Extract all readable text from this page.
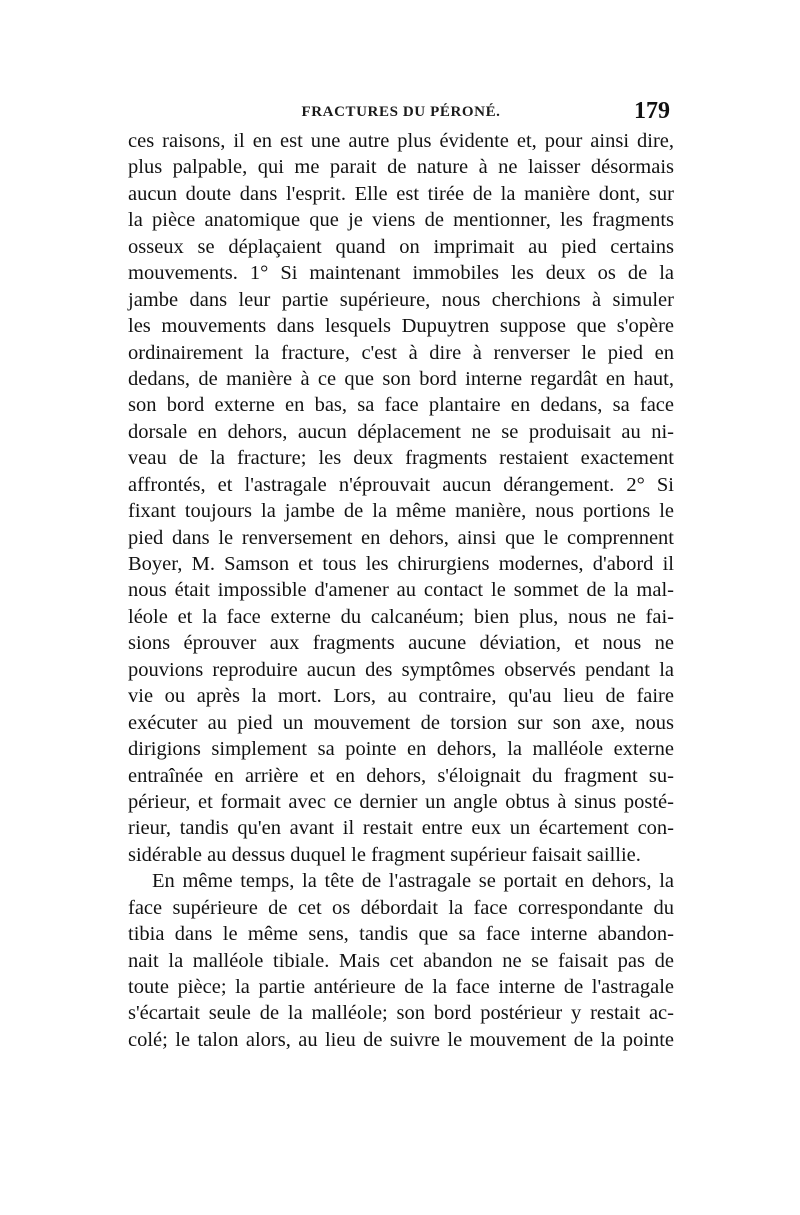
FRACTURES DU PÉRONÉ.	179
ces raisons, il en est une autre plus évidente et, pour ainsi dire,
plus palpable, qui me parait de nature à ne laisser désormais
aucun doute dans l'esprit. Elle est tirée de la manière dont, sur
la pièce anatomique que je viens de mentionner, les fragments
osseux se déplaçaient quand on imprimait au pied certains
mouvements. 1° Si maintenant immobiles les deux os de la
jambe dans leur partie supérieure, nous cherchions à simuler
les mouvements dans lesquels Dupuytren suppose que s'opère
ordinairement la fracture, c'est à dire à renverser le pied en
dedans, de manière à ce que son bord interne regardât en haut,
son bord externe en bas, sa face plantaire en dedans, sa face
dorsale en dehors, aucun déplacement ne se produisait au ni-
veau de la fracture; les deux fragments restaient exactement
affrontés, et l'astragale n'éprouvait aucun dérangement. 2° Si
fixant toujours la jambe de la même manière, nous portions le
pied dans le renversement en dehors, ainsi que le comprennent
Boyer, M. Samson et tous les chirurgiens modernes, d'abord il
nous était impossible d'amener au contact le sommet de la mal-
léole et la face externe du calcanéum; bien plus, nous ne fai-
sions éprouver aux fragments aucune déviation, et nous ne
pouvions reproduire aucun des symptômes observés pendant la
vie ou après la mort. Lors, au contraire, qu'au lieu de faire
exécuter au pied un mouvement de torsion sur son axe, nous
dirigions simplement sa pointe en dehors, la malléole externe
entraînée en arrière et en dehors, s'éloignait du fragment su-
périeur, et formait avec ce dernier un angle obtus à sinus posté-
rieur, tandis qu'en avant il restait entre eux un écartement con-
sidérable au dessus duquel le fragment supérieur faisait saillie.
En même temps, la tête de l'astragale se portait en dehors, la
face supérieure de cet os débordait la face correspondante du
tibia dans le même sens, tandis que sa face interne abandon-
nait la malléole tibiale. Mais cet abandon ne se faisait pas de
toute pièce; la partie antérieure de la face interne de l'astragale
s'écartait seule de la malléole; son bord postérieur y restait ac-
colé; le talon alors, au lieu de suivre le mouvement de la pointe
